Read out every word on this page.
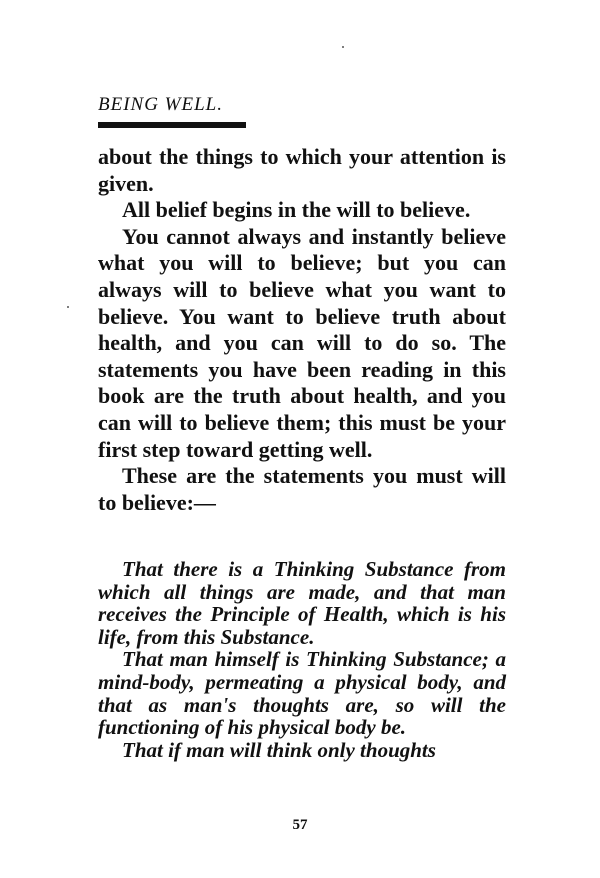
BEING WELL.

about the things to which your attention is given.

All belief begins in the will to believe.

You cannot always and instantly believe what you will to believe; but you can always will to believe what you want to believe. You want to believe truth about health, and you can will to do so. The statements you have been reading in this book are the truth about health, and you can will to believe them; this must be your first step toward getting well.

These are the statements you must will to believe:—

That there is a Thinking Substance from which all things are made, and that man receives the Principle of Health, which is his life, from this Substance.

That man himself is Thinking Substance; a mind-body, permeating a physical body, and that as man's thoughts are, so will the functioning of his physical body be.

That if man will think only thoughts

57
